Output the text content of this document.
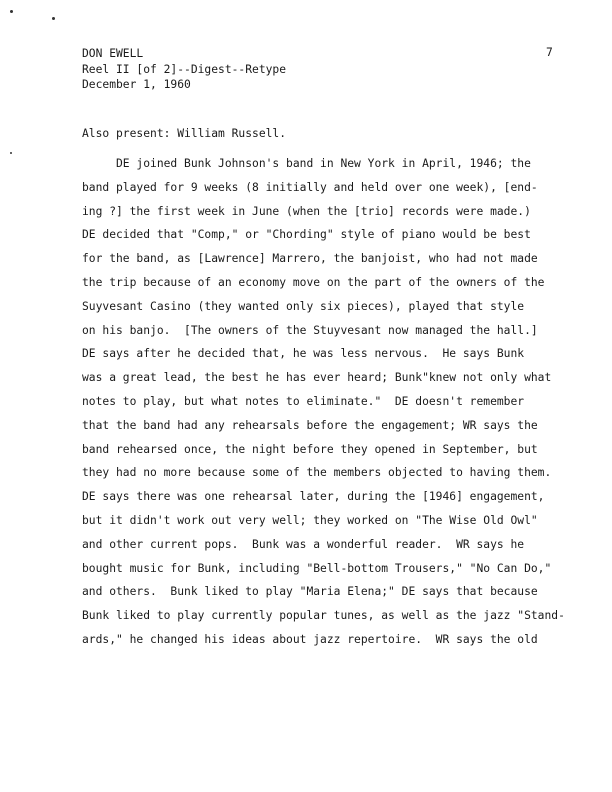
DON EWELL
Reel II [of 2]--Digest--Retype
December 1, 1960
7
Also present: William Russell.
DE joined Bunk Johnson's band in New York in April, 1946; the
band played for 9 weeks (8 initially and held over one week), [end-
ing ?] the first week in June (when the [trio] records were made.)
DE decided that "Comp," or "Chording" style of piano would be best
for the band, as [Lawrence] Marrero, the banjoist, who had not made
the trip because of an economy move on the part of the owners of the
Suyvesant Casino (they wanted only six pieces), played that style
on his banjo.  [The owners of the Stuyvesant now managed the hall.]
DE says after he decided that, he was less nervous.  He says Bunk
was a great lead, the best he has ever heard; Bunk"knew not only what
notes to play, but what notes to eliminate."  DE doesn't remember
that the band had any rehearsals before the engagement; WR says the
band rehearsed once, the night before they opened in September, but
they had no more because some of the members objected to having them.
DE says there was one rehearsal later, during the [1946] engagement,
but it didn't work out very well; they worked on "The Wise Old Owl"
and other current pops.  Bunk was a wonderful reader.  WR says he
bought music for Bunk, including "Bell-bottom Trousers," "No Can Do,"
and others.  Bunk liked to play "Maria Elena;" DE says that because
Bunk liked to play currently popular tunes, as well as the jazz "Stand-
ards," he changed his ideas about jazz repertoire.  WR says the old
